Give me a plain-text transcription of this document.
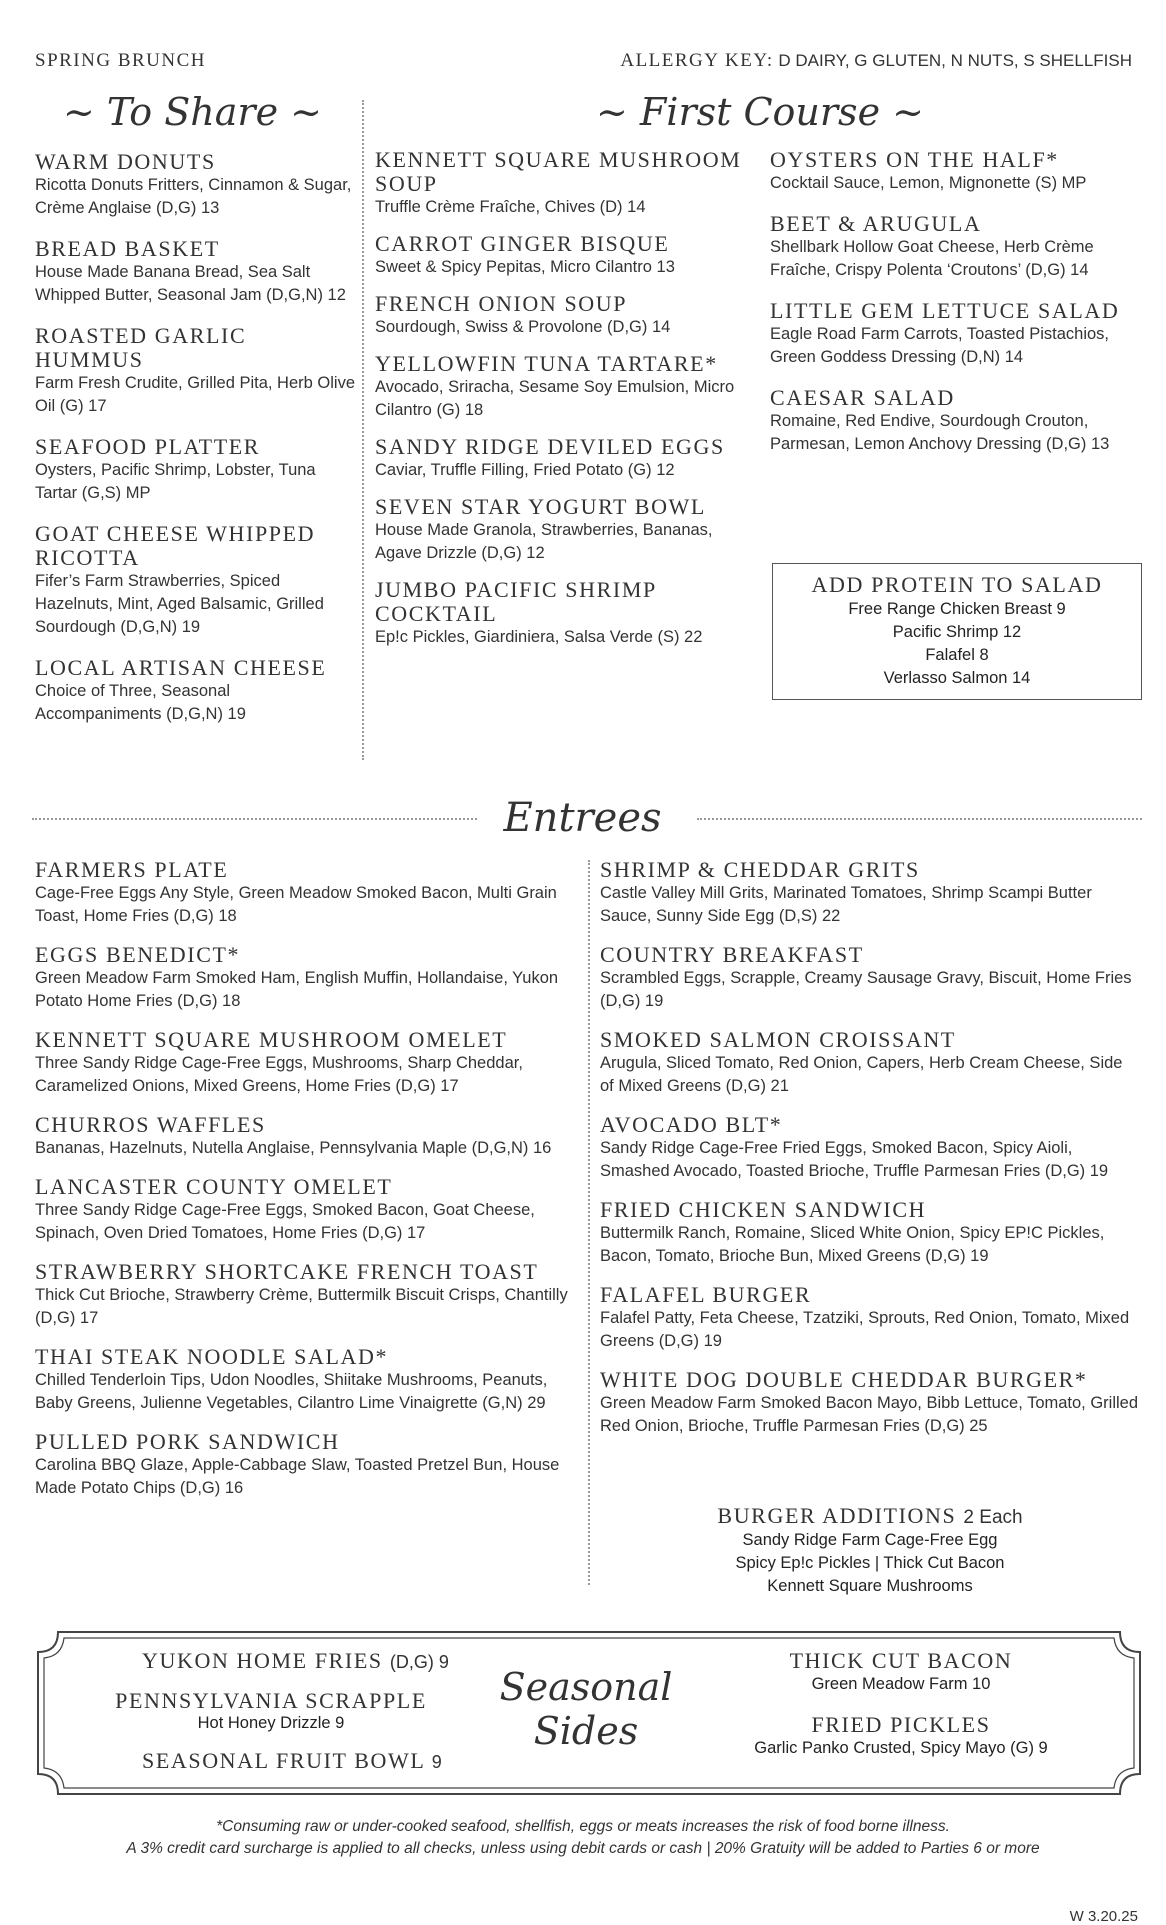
SPRING BRUNCH	ALLERGY KEY: D DAIRY, G GLUTEN, N NUTS, S SHELLFISH
~ To Share ~	~ First Course ~
WARM DONUTS
Ricotta Donuts Fritters, Cinnamon & Sugar, Crème Anglaise (D,G) 13
BREAD BASKET
House Made Banana Bread, Sea Salt Whipped Butter, Seasonal Jam (D,G,N) 12
ROASTED GARLIC HUMMUS
Farm Fresh Crudite, Grilled Pita, Herb Olive Oil (G) 17
SEAFOOD PLATTER
Oysters, Pacific Shrimp, Lobster, Tuna Tartar (G,S) MP
GOAT CHEESE WHIPPED RICOTTA
Fifer’s Farm Strawberries, Spiced Hazelnuts, Mint, Aged Balsamic, Grilled Sourdough (D,G,N) 19
LOCAL ARTISAN CHEESE
Choice of Three, Seasonal Accompaniments (D,G,N) 19
KENNETT SQUARE MUSHROOM SOUP
Truffle Crème Fraîche, Chives (D) 14
CARROT GINGER BISQUE
Sweet & Spicy Pepitas, Micro Cilantro 13
FRENCH ONION SOUP
Sourdough, Swiss & Provolone (D,G) 14
YELLOWFIN TUNA TARTARE*
Avocado, Sriracha, Sesame Soy Emulsion, Micro Cilantro (G) 18
SANDY RIDGE DEVILED EGGS
Caviar, Truffle Filling, Fried Potato (G) 12
SEVEN STAR YOGURT BOWL
House Made Granola, Strawberries, Bananas, Agave Drizzle (D,G) 12
JUMBO PACIFIC SHRIMP COCKTAIL
Ep!c Pickles, Giardiniera, Salsa Verde (S) 22
OYSTERS ON THE HALF*
Cocktail Sauce, Lemon, Mignonette (S) MP
BEET & ARUGULA
Shellbark Hollow Goat Cheese, Herb Crème Fraîche, Crispy Polenta ‘Croutons’ (D,G) 14
LITTLE GEM LETTUCE SALAD
Eagle Road Farm Carrots, Toasted Pistachios, Green Goddess Dressing (D,N) 14
CAESAR SALAD
Romaine, Red Endive, Sourdough Crouton, Parmesan, Lemon Anchovy Dressing (D,G) 13
ADD PROTEIN TO SALAD
Free Range Chicken Breast 9
Pacific Shrimp 12
Falafel 8
Verlasso Salmon 14
Entrees
FARMERS PLATE
Cage-Free Eggs Any Style, Green Meadow Smoked Bacon, Multi Grain Toast, Home Fries (D,G) 18
EGGS BENEDICT*
Green Meadow Farm Smoked Ham, English Muffin, Hollandaise, Yukon Potato Home Fries (D,G) 18
KENNETT SQUARE MUSHROOM OMELET
Three Sandy Ridge Cage-Free Eggs, Mushrooms, Sharp Cheddar, Caramelized Onions, Mixed Greens, Home Fries (D,G) 17
CHURROS WAFFLES
Bananas, Hazelnuts, Nutella Anglaise, Pennsylvania Maple (D,G,N) 16
LANCASTER COUNTY OMELET
Three Sandy Ridge Cage-Free Eggs, Smoked Bacon, Goat Cheese, Spinach, Oven Dried Tomatoes, Home Fries (D,G) 17
STRAWBERRY SHORTCAKE FRENCH TOAST
Thick Cut Brioche, Strawberry Crème, Buttermilk Biscuit Crisps, Chantilly (D,G) 17
THAI STEAK NOODLE SALAD*
Chilled Tenderloin Tips, Udon Noodles, Shiitake Mushrooms, Peanuts, Baby Greens, Julienne Vegetables, Cilantro Lime Vinaigrette (G,N) 29
PULLED PORK SANDWICH
Carolina BBQ Glaze, Apple-Cabbage Slaw, Toasted Pretzel Bun, House Made Potato Chips (D,G) 16
SHRIMP & CHEDDAR GRITS
Castle Valley Mill Grits, Marinated Tomatoes, Shrimp Scampi Butter Sauce, Sunny Side Egg (D,S) 22
COUNTRY BREAKFAST
Scrambled Eggs, Scrapple, Creamy Sausage Gravy, Biscuit, Home Fries (D,G) 19
SMOKED SALMON CROISSANT
Arugula, Sliced Tomato, Red Onion, Capers, Herb Cream Cheese, Side of Mixed Greens (D,G) 21
AVOCADO BLT*
Sandy Ridge Cage-Free Fried Eggs, Smoked Bacon, Spicy Aioli, Smashed Avocado, Toasted Brioche, Truffle Parmesan Fries (D,G) 19
FRIED CHICKEN SANDWICH
Buttermilk Ranch, Romaine, Sliced White Onion, Spicy EP!C Pickles, Bacon, Tomato, Brioche Bun, Mixed Greens (D,G) 19
FALAFEL BURGER
Falafel Patty, Feta Cheese, Tzatziki, Sprouts, Red Onion, Tomato, Mixed Greens (D,G) 19
WHITE DOG DOUBLE CHEDDAR BURGER*
Green Meadow Farm Smoked Bacon Mayo, Bibb Lettuce, Tomato, Grilled Red Onion, Brioche, Truffle Parmesan Fries (D,G) 25
BURGER ADDITIONS 2 Each
Sandy Ridge Farm Cage-Free Egg
Spicy Ep!c Pickles | Thick Cut Bacon
Kennett Square Mushrooms
YUKON HOME FRIES (D,G) 9
PENNSYLVANIA SCRAPPLE
Hot Honey Drizzle 9
SEASONAL FRUIT BOWL 9
Seasonal
Sides
THICK CUT BACON
Green Meadow Farm 10
FRIED PICKLES
Garlic Panko Crusted, Spicy Mayo (G) 9
*Consuming raw or under-cooked seafood, shellfish, eggs or meats increases the risk of food borne illness.
A 3% credit card surcharge is applied to all checks, unless using debit cards or cash | 20% Gratuity will be added to Parties 6 or more
W 3.20.25
